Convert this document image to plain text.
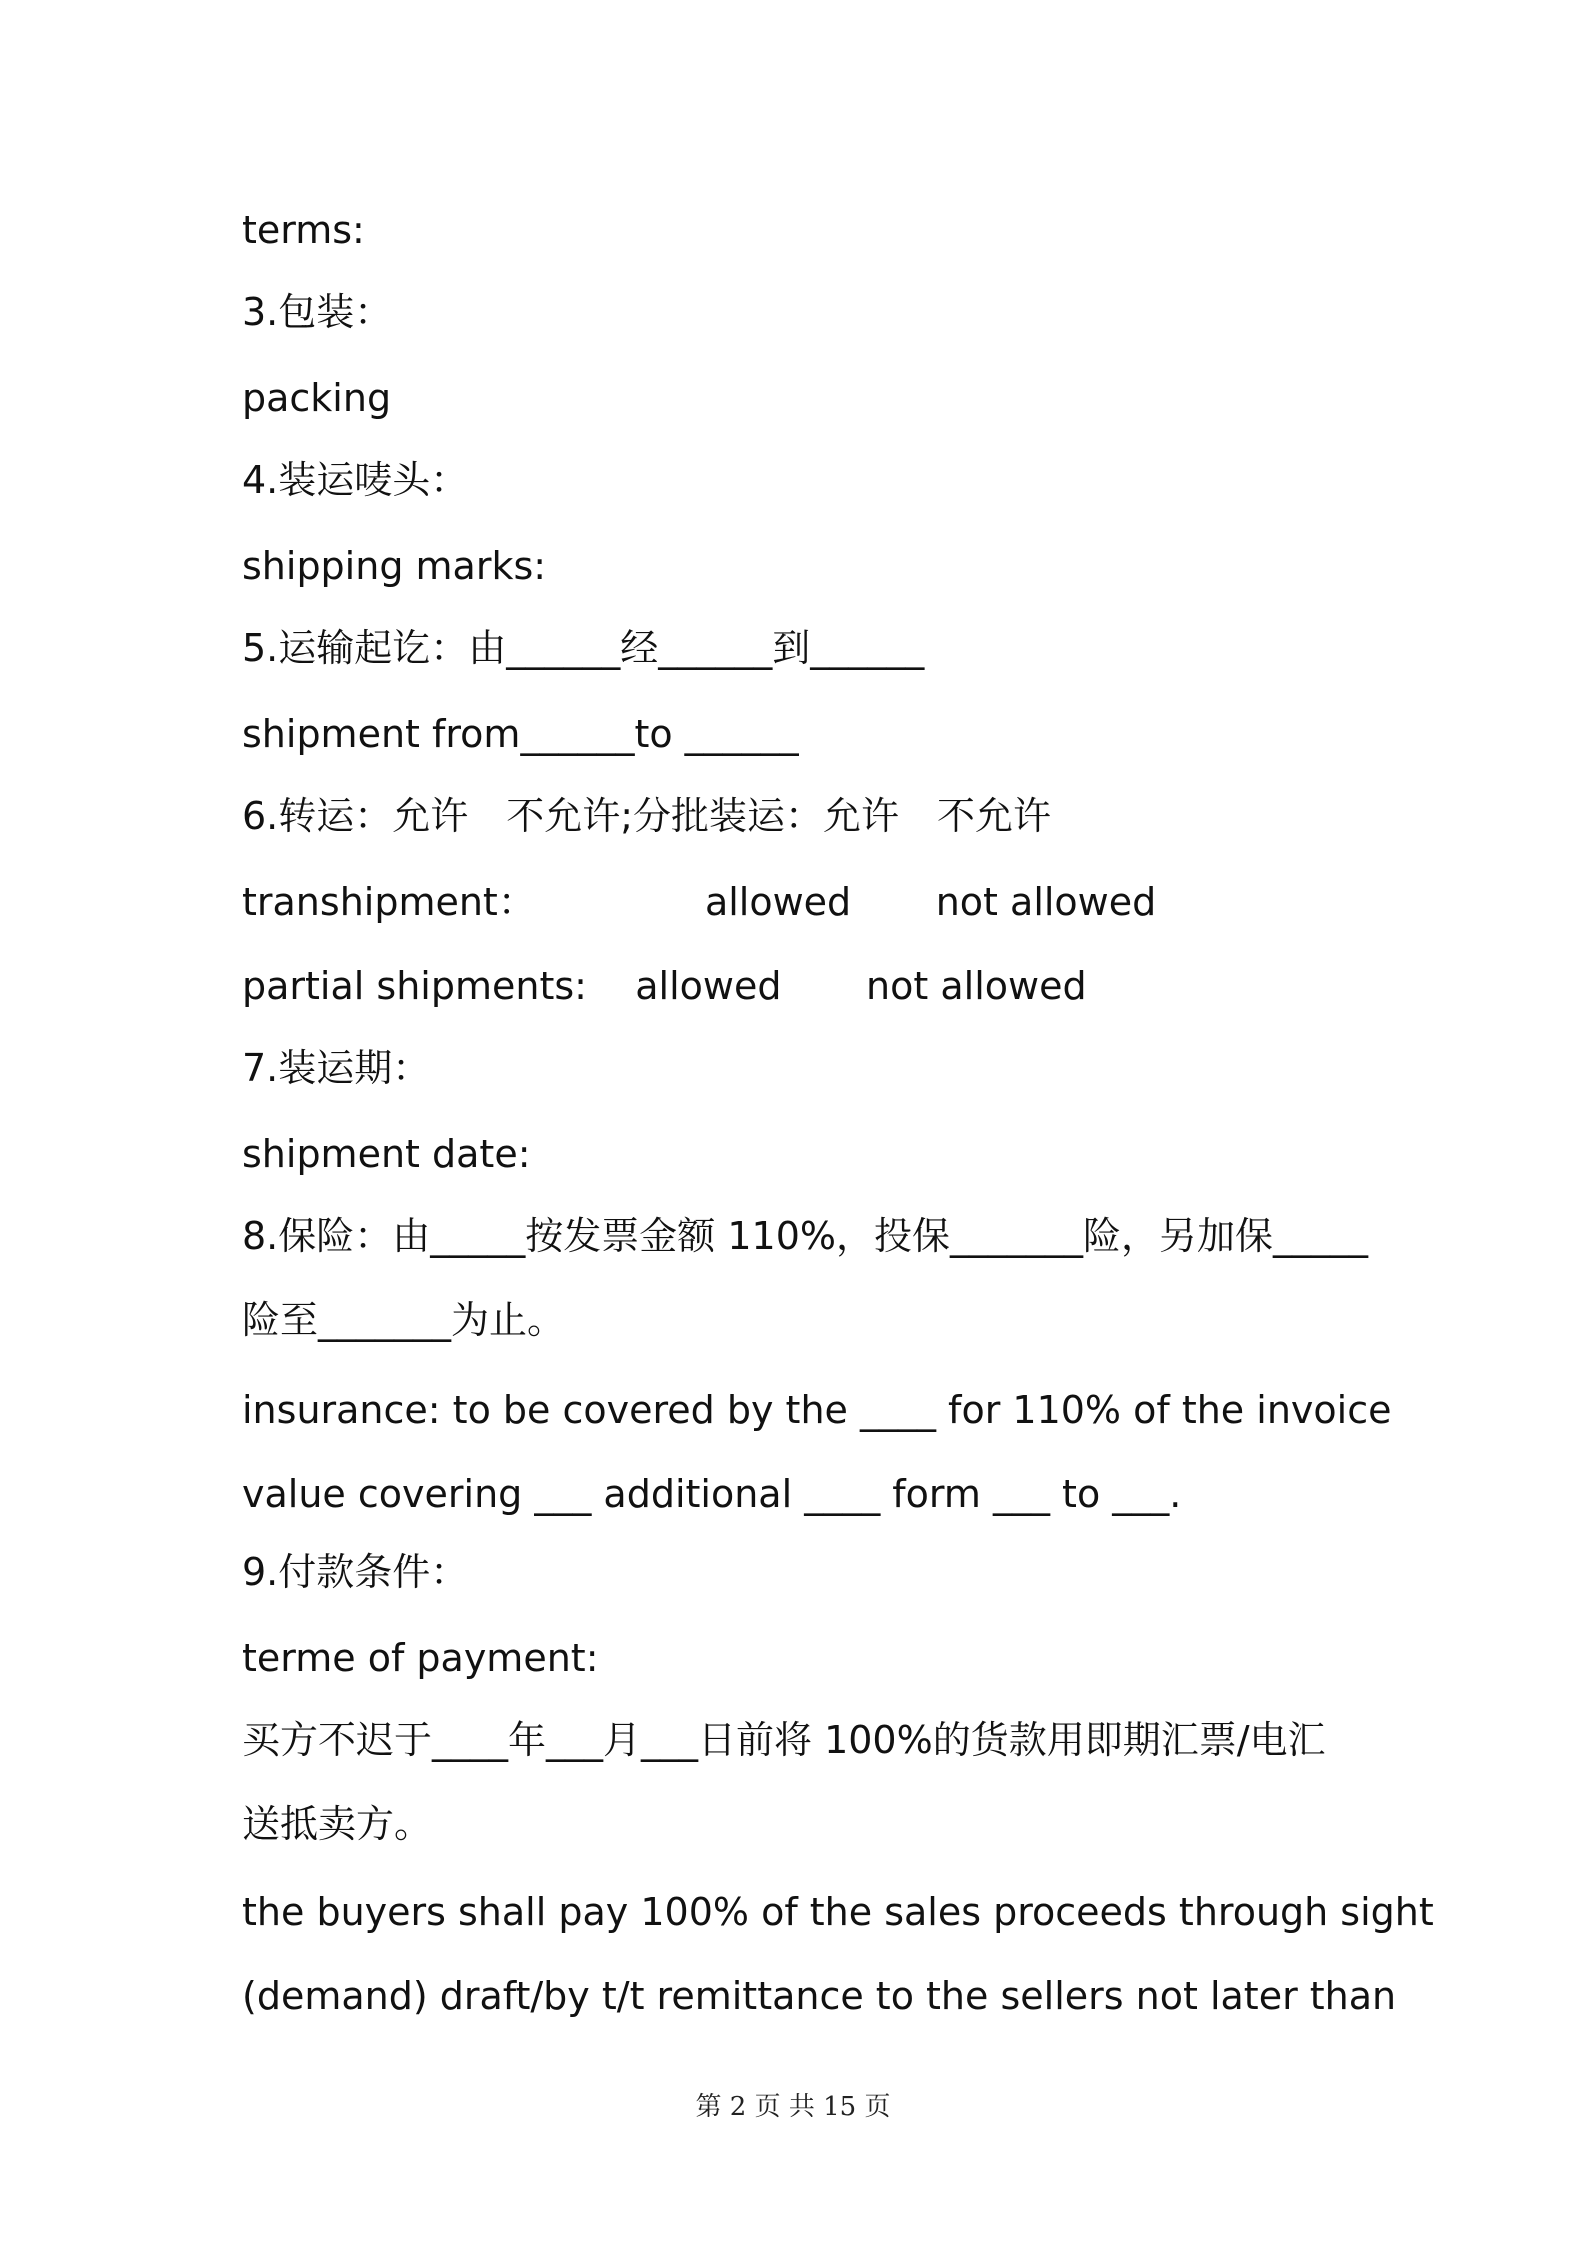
terms:
3.包装：
packing
4.装运唛头：
shipping marks:
5.运输起讫：由______经______到______
shipment from______to ______
6.转运：允许　不允许;分批装运：允许　不允许
transhipment：              allowed       not allowed
partial shipments:    allowed       not allowed
7.装运期：
shipment date:
8.保险：由_____按发票金额 110%，投保_______险，另加保_____
险至_______为止。
insurance: to be covered by the ____ for 110% of the invoice
value covering ___ additional ____ form ___ to ___.
9.付款条件：
terme of payment:
买方不迟于____年___月___日前将 100%的货款用即期汇票/电汇
送抵卖方。
the buyers shall pay 100% of the sales proceeds through sight
(demand) draft/by t/t remittance to the sellers not later than
第 2 页 共 15 页
